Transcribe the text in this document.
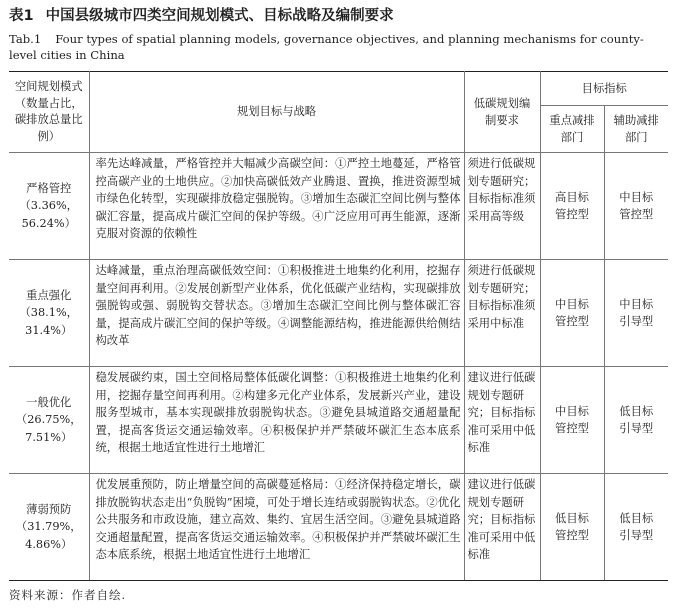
表1 中国县级城市四类空间规划模式、目标战略及编制要求
Tab.1 Four types of spatial planning models, governance objectives, and planning mechanisms for county-level cities in China
空间规划模式（数量占比，碳排放总量比例）	规划目标与战略	低碳规划编制要求	目标指标	
			重点减排部门	辅助减排部门

严格管控
（3.36%，
56.24%）	率先达峰减量，严格管控并大幅减少高碳空间：①严控土地蔓延，严格管控高碳产业的土地供应。②加快高碳低效产业腾退、置换，推进资源型城市绿色化转型，实现碳排放稳定强脱钩。③增加生态碳汇空间比例与整体碳汇容量，提高成片碳汇空间的保护等级。④广泛应用可再生能源，逐渐克服对资源的依赖性	须进行低碳规划专题研究；目标指标准须采用高等级	高目标管控型	中目标管控型

重点强化
（38.1%，
31.4%）	达峰减量，重点治理高碳低效空间：①积极推进土地集约化利用，挖掘存量空间再利用。②发展创新型产业体系，优化低碳产业结构，实现碳排放强脱钩或强、弱脱钩交替状态。③增加生态碳汇空间比例与整体碳汇容量，提高成片碳汇空间的保护等级。④调整能源结构，推进能源供给侧结构改革	须进行低碳规划专题研究；目标指标准须采用中标准	中目标管控型	中目标引导型

一般优化
（26.75%，
7.51%）	稳发展碳约束，国土空间格局整体低碳化调整：①积极推进土地集约化利用，挖掘存量空间再利用。②构建多元化产业体系，发展新兴产业，建设服务型城市，基本实现碳排放弱脱钩状态。③避免县城道路交通超量配置，提高客货运交通运输效率。④积极保护并严禁破坏碳汇生态本底系统，根据土地适宜性进行土地增汇	建议进行低碳规划专题研究；目标指标准可采用中低标准	中目标管控型	低目标引导型

薄弱预防
（31.79%，
4.86%）	优发展重预防，防止增量空间的高碳蔓延格局：①经济保持稳定增长，碳排放脱钩状态走出“负脱钩”困境，可处于增长连结或弱脱钩状态。②优化公共服务和市政设施，建立高效、集约、宜居生活空间。③避免县城道路交通超量配置，提高客货运交通运输效率。④积极保护并严禁破坏碳汇生态本底系统，根据土地适宜性进行土地增汇	建议进行低碳规划专题研究；目标指标准可采用中低标准	低目标管控型	低目标引导型
资料来源：作者自绘.
